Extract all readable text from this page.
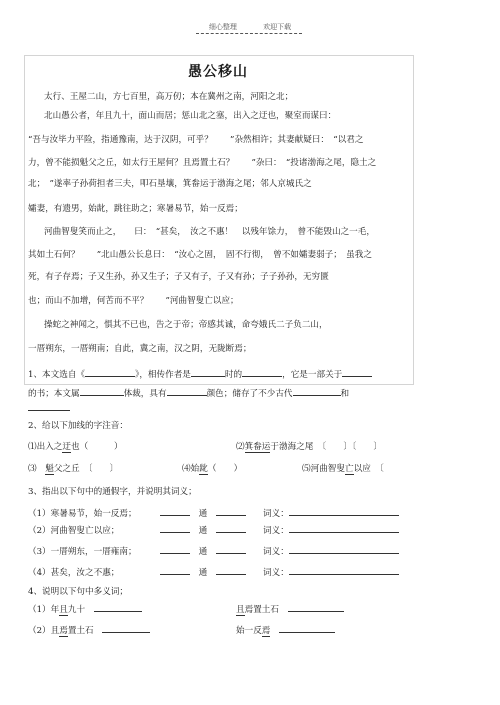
细心整理	欢迎下载
愚公移山
太行、王屋二山，方七百里，高万仞；本在冀州之南，河阳之北；
北山愚公者，年且九十，面山而居；惩山北之塞，出入之迂也，聚室而谋曰：
“吾与汝毕力平险，指通豫南，达于汉阴，可乎？　　”杂然相许；其妻献疑曰：　“以君之
力，曾不能损魁父之丘，如太行王屋何？且焉置土石？　　”杂曰：　“投诸渤海之尾，隐土之
北；　”遂率子孙荷担者三夫，叩石垦壤，箕畚运于渤海之尾；邻人京城氏之
孀妻，有遗男，始龀，跳往助之；寒暑易节，始一反焉；
河曲智叟笑而止之，　　曰：　“甚矣，　汝之不惠！　以残年馀力，　曾不能毁山之一毛，
其如土石何？　　”北山愚公长息曰：　“汝心之固，　固不行彻，　曾不如孀妻弱子；　虽我之
死，有子存焉；子又生孙，孙又生子；子又有子，子又有孙；子子孙孙，无穷匮
也；而山不加增，何苦而不平？　　”河曲智叟亡以应；
操蛇之神闻之，惧其不已也，告之于帝；帝感其诚，命夸娥氏二子负二山，
一厝朔东，一厝朔南；自此，冀之南，汉之阴，无陇断焉；
1、本文选自《	》，相传作者是	时的	，它是一部关于
的书；本文属	体裁，具有	颜色；储存了不少古代	和
2、给以下加线的字注音：
⑴出入之迂也（　　　）	⑵箕畚运于渤海之尾　〔　　〕〔　　〕
⑶　 魁父之丘　〔　　〕	⑷始龀（　　）	⑸河曲智叟亡以应　〔
3、指出以下句中的通假字，并说明其词义；
（1）寒暑易节，始一反焉；　	通　　　	词义：
（2）河曲智叟亡以应；　	通　　　	词义：
（3）一厝朔东，一厝雍南；　	通　　　	词义：
（4）甚矣，汝之不惠；　	通　　　	词义：
4、说明以下句中多义词；
（1）年且九十　	且焉置土石　
（2）且焉置土石　	始一反焉　
